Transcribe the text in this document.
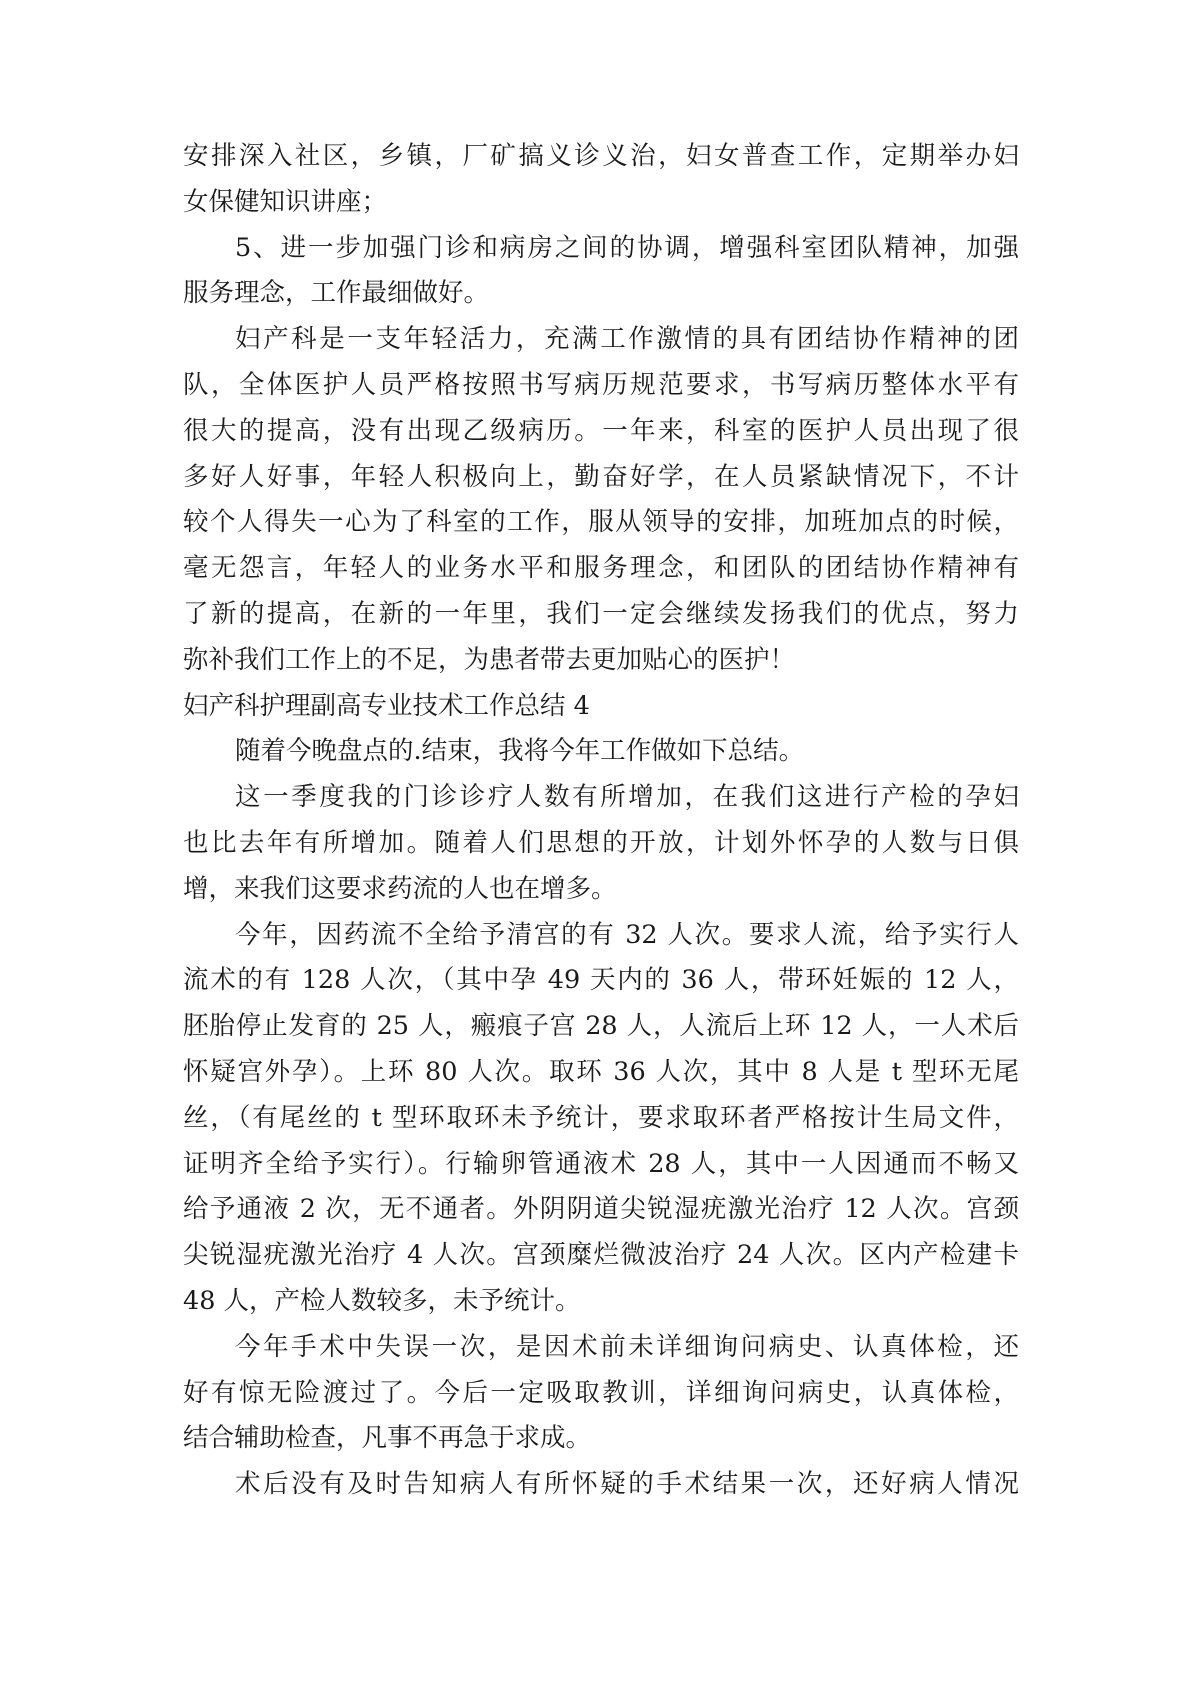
安排深入社区，乡镇，厂矿搞义诊义治，妇女普查工作，定期举办妇
女保健知识讲座；
5、进一步加强门诊和病房之间的协调，增强科室团队精神，加强
服务理念，工作最细做好。
妇产科是一支年轻活力，充满工作激情的具有团结协作精神的团
队，全体医护人员严格按照书写病历规范要求，书写病历整体水平有
很大的提高，没有出现乙级病历。一年来，科室的医护人员出现了很
多好人好事，年轻人积极向上，勤奋好学，在人员紧缺情况下，不计
较个人得失一心为了科室的工作，服从领导的安排，加班加点的时候，
毫无怨言，年轻人的业务水平和服务理念，和团队的团结协作精神有
了新的提高，在新的一年里，我们一定会继续发扬我们的优点，努力
弥补我们工作上的不足，为患者带去更加贴心的医护！
妇产科护理副高专业技术工作总结 4
随着今晚盘点的.结束，我将今年工作做如下总结。
这一季度我的门诊诊疗人数有所增加，在我们这进行产检的孕妇
也比去年有所增加。随着人们思想的开放，计划外怀孕的人数与日俱
增，来我们这要求药流的人也在增多。
今年，因药流不全给予清宫的有 32 人次。要求人流，给予实行人
流术的有 128 人次，（其中孕 49 天内的 36 人，带环妊娠的 12 人，
胚胎停止发育的 25 人，瘢痕子宫 28 人，人流后上环 12 人，一人术后
怀疑宫外孕）。上环 80 人次。取环 36 人次，其中 8 人是 t 型环无尾
丝，（有尾丝的 t 型环取环未予统计，要求取环者严格按计生局文件，
证明齐全给予实行）。行输卵管通液术 28 人，其中一人因通而不畅又
给予通液 2 次，无不通者。外阴阴道尖锐湿疣激光治疗 12 人次。宫颈
尖锐湿疣激光治疗 4 人次。宫颈糜烂微波治疗 24 人次。区内产检建卡
48 人，产检人数较多，未予统计。
今年手术中失误一次，是因术前未详细询问病史、认真体检，还
好有惊无险渡过了。今后一定吸取教训，详细询问病史，认真体检，
结合辅助检查，凡事不再急于求成。
术后没有及时告知病人有所怀疑的手术结果一次，还好病人情况
